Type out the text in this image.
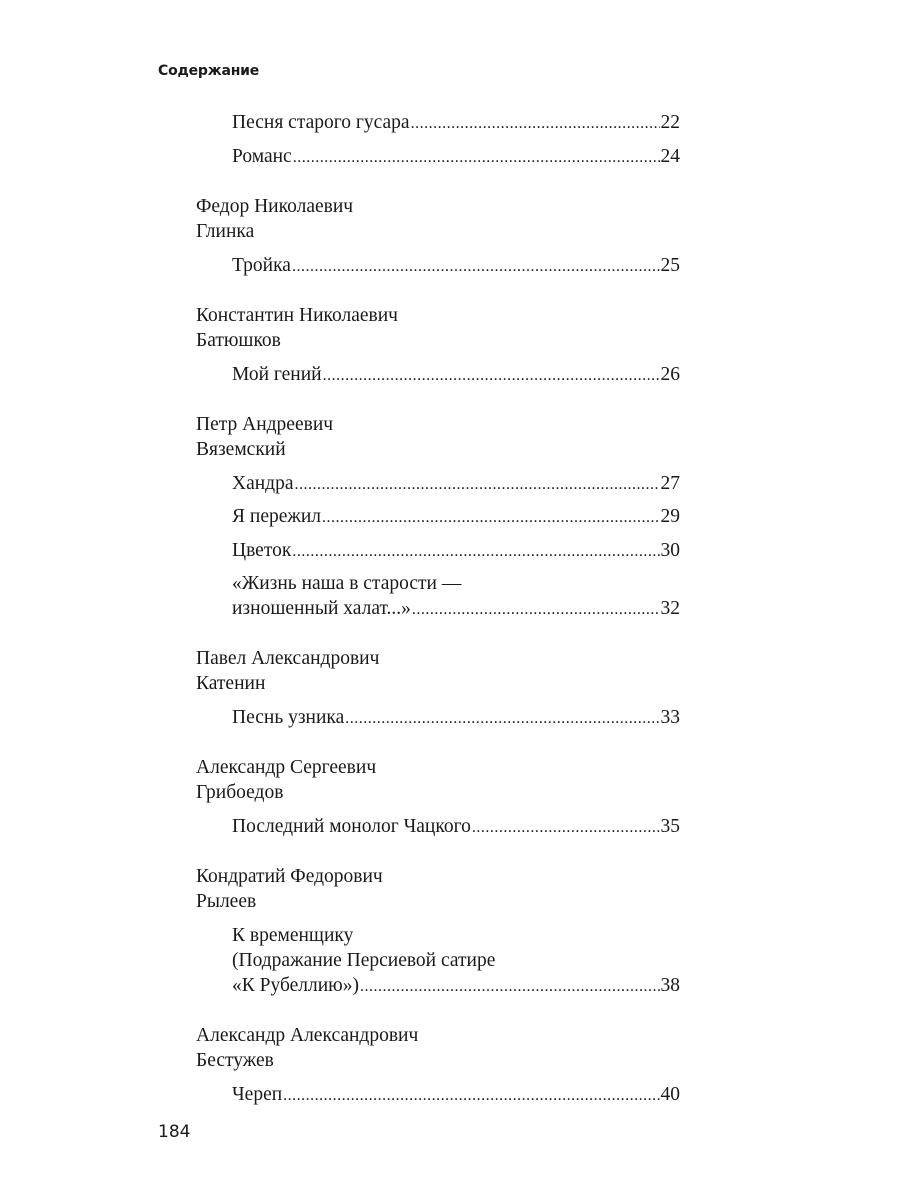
Содержание
Песня старого гусара .....	22
Романс .....	24
Федор Николаевич
Глинка
Тройка .....	25
Константин Николаевич
Батюшков
Мой гений .....	26
Петр Андреевич
Вяземский
Хандра .....	27
Я пережил .....	29
Цветок .....	30
«Жизнь наша в старости —
изношенный халат...» .....	32
Павел Александрович
Катенин
Песнь узника .....	33
Александр Сергеевич
Грибоедов
Последний монолог Чацкого .....	35
Кондратий Федорович
Рылеев
К временщику
(Подражание Персиевой сатире
«К Рубеллию») .....	38
Александр Александрович
Бестужев
Череп .....	40
184
